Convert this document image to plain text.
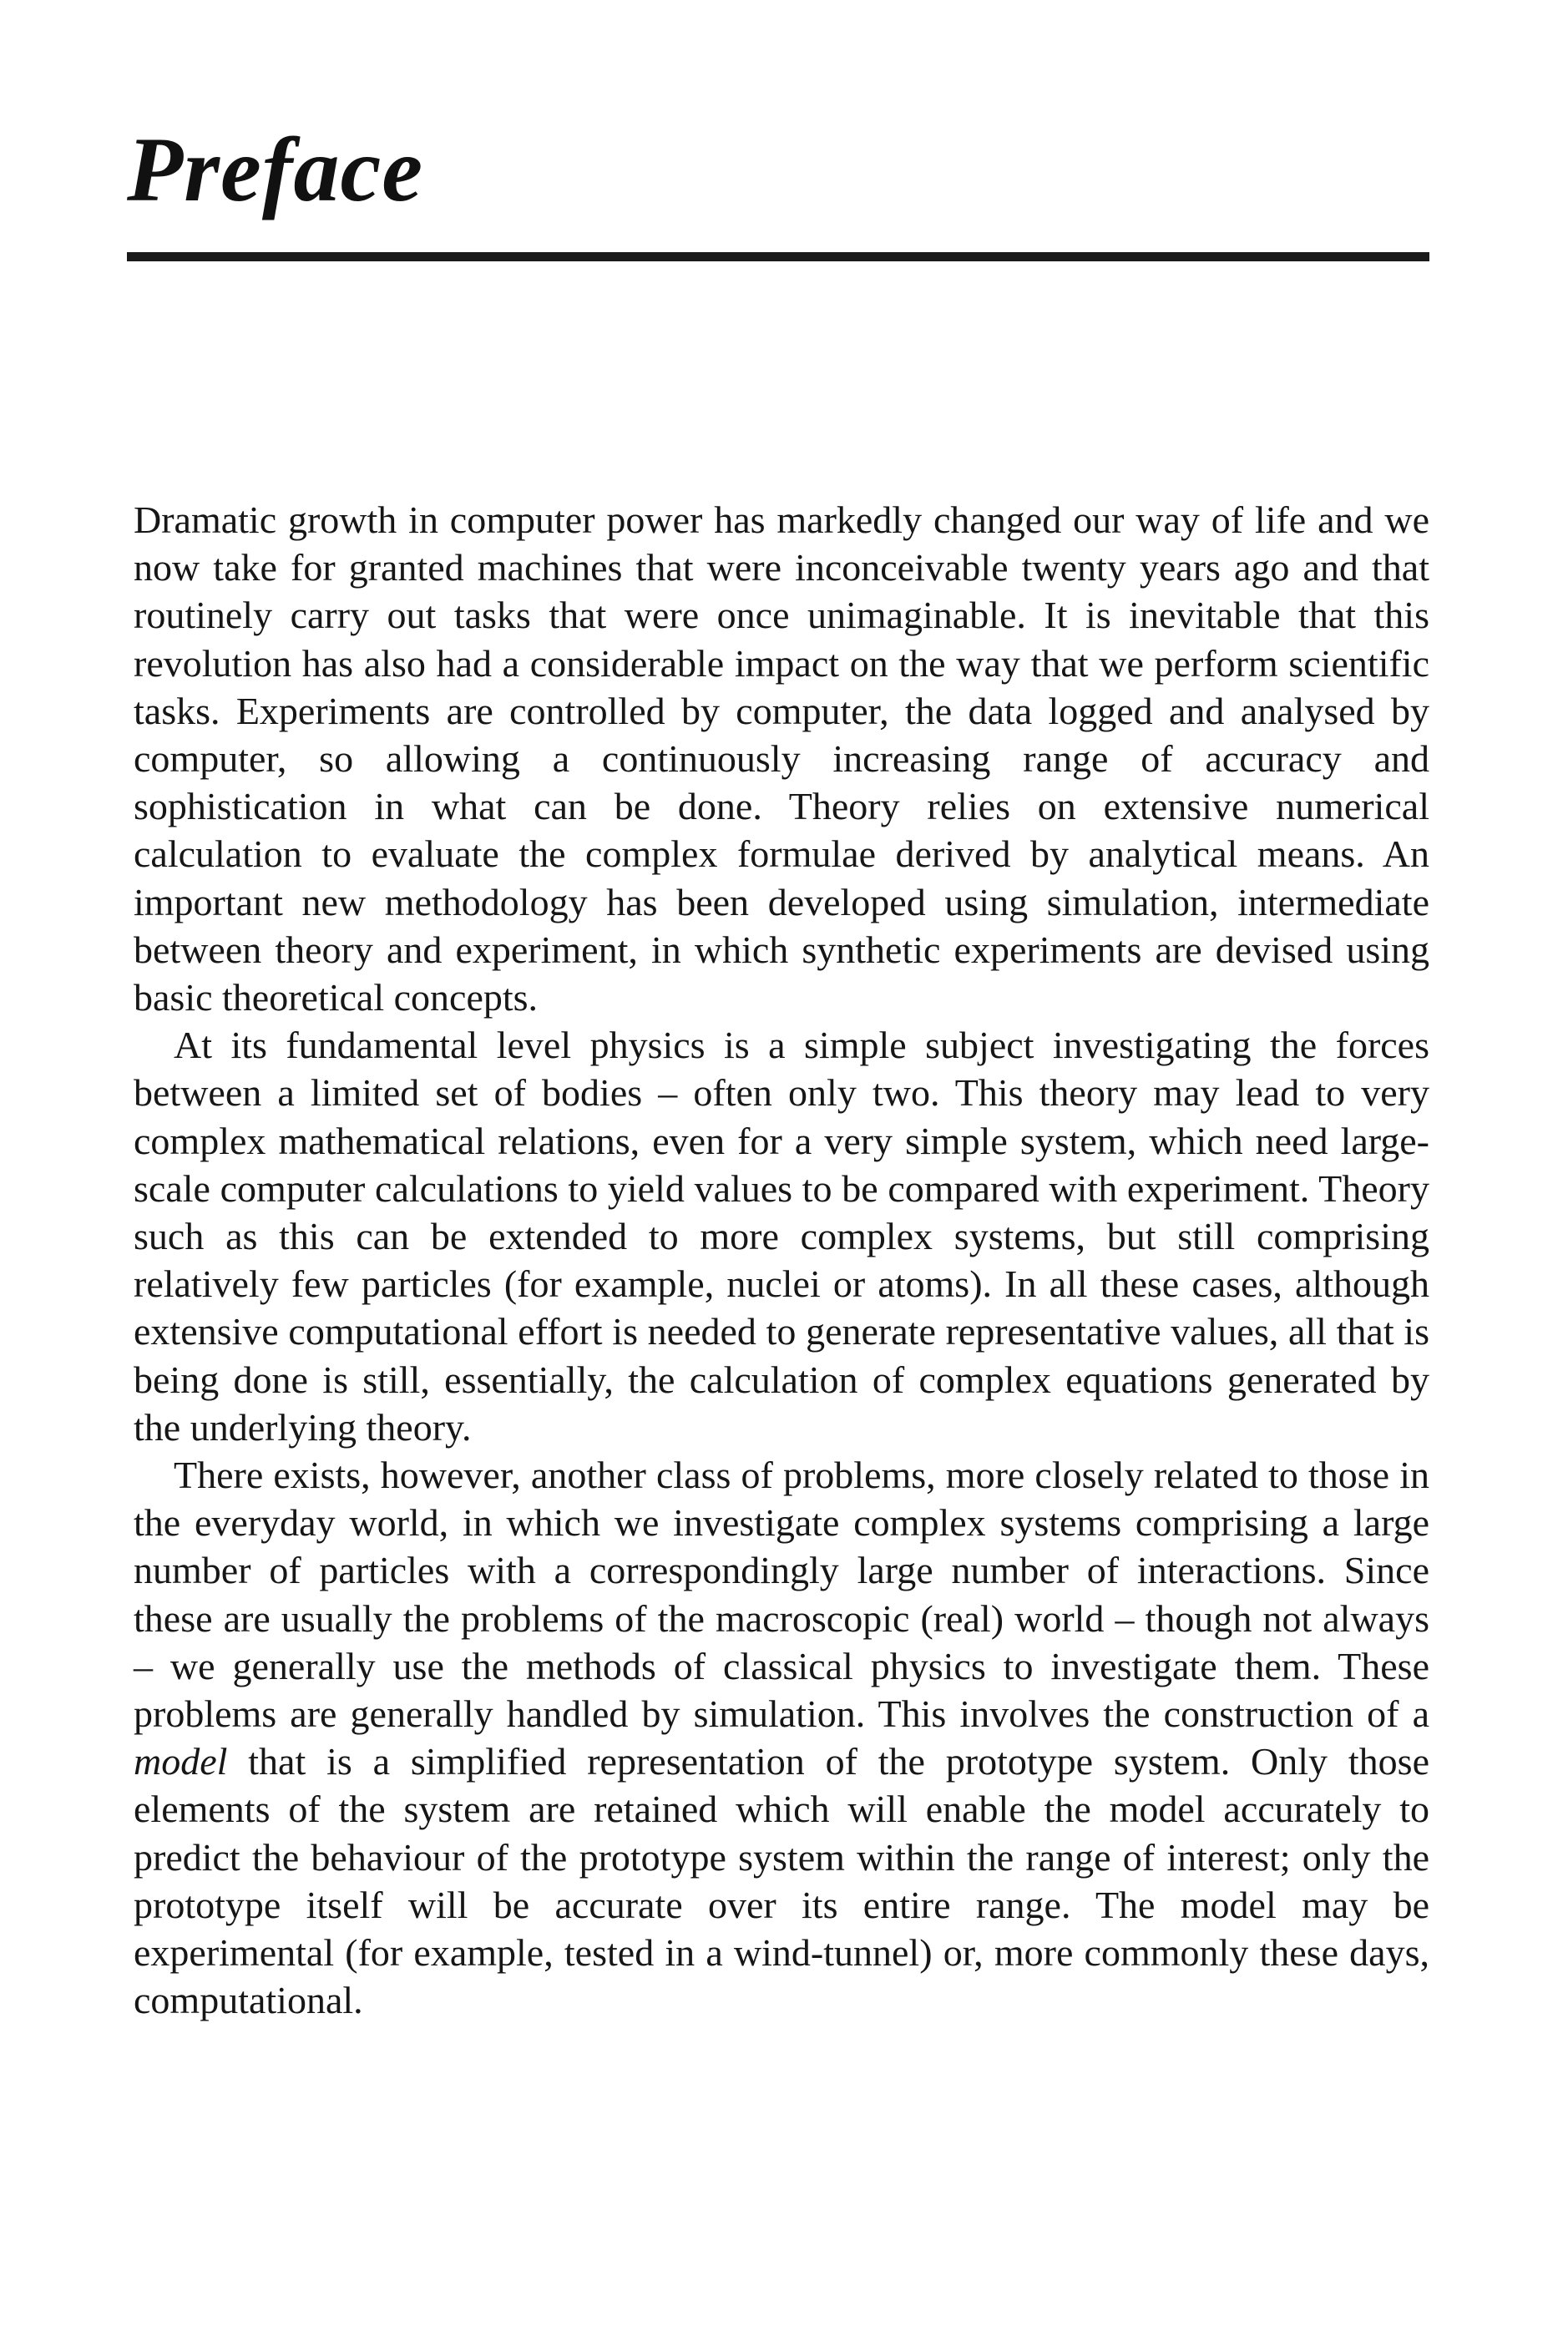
Preface

Dramatic growth in computer power has markedly changed our way of life and we now take for granted machines that were inconceivable twenty years ago and that routinely carry out tasks that were once unimaginable. It is inevitable that this revolution has also had a considerable impact on the way that we perform scientific tasks. Experiments are controlled by computer, the data logged and analysed by computer, so allowing a continuously increasing range of accuracy and sophistication in what can be done. Theory relies on extensive numerical calculation to evaluate the complex formulae derived by analytical means. An important new methodology has been developed using simulation, intermediate between theory and experiment, in which synthetic experiments are devised using basic theoretical concepts.

At its fundamental level physics is a simple subject investigating the forces between a limited set of bodies – often only two. This theory may lead to very complex mathematical relations, even for a very simple system, which need large-scale computer calculations to yield values to be compared with experiment. Theory such as this can be extended to more complex systems, but still comprising relatively few particles (for example, nuclei or atoms). In all these cases, although extensive computational effort is needed to generate representative values, all that is being done is still, essentially, the calculation of complex equations generated by the underlying theory.

There exists, however, another class of problems, more closely related to those in the everyday world, in which we investigate complex systems comprising a large number of particles with a correspondingly large number of interactions. Since these are usually the problems of the macroscopic (real) world – though not always – we generally use the methods of classical physics to investigate them. These problems are generally handled by simulation. This involves the construction of a model that is a simplified representation of the prototype system. Only those elements of the system are retained which will enable the model accurately to predict the behaviour of the prototype system within the range of interest; only the prototype itself will be accurate over its entire range. The model may be experimental (for example, tested in a wind-tunnel) or, more commonly these days, computational.
